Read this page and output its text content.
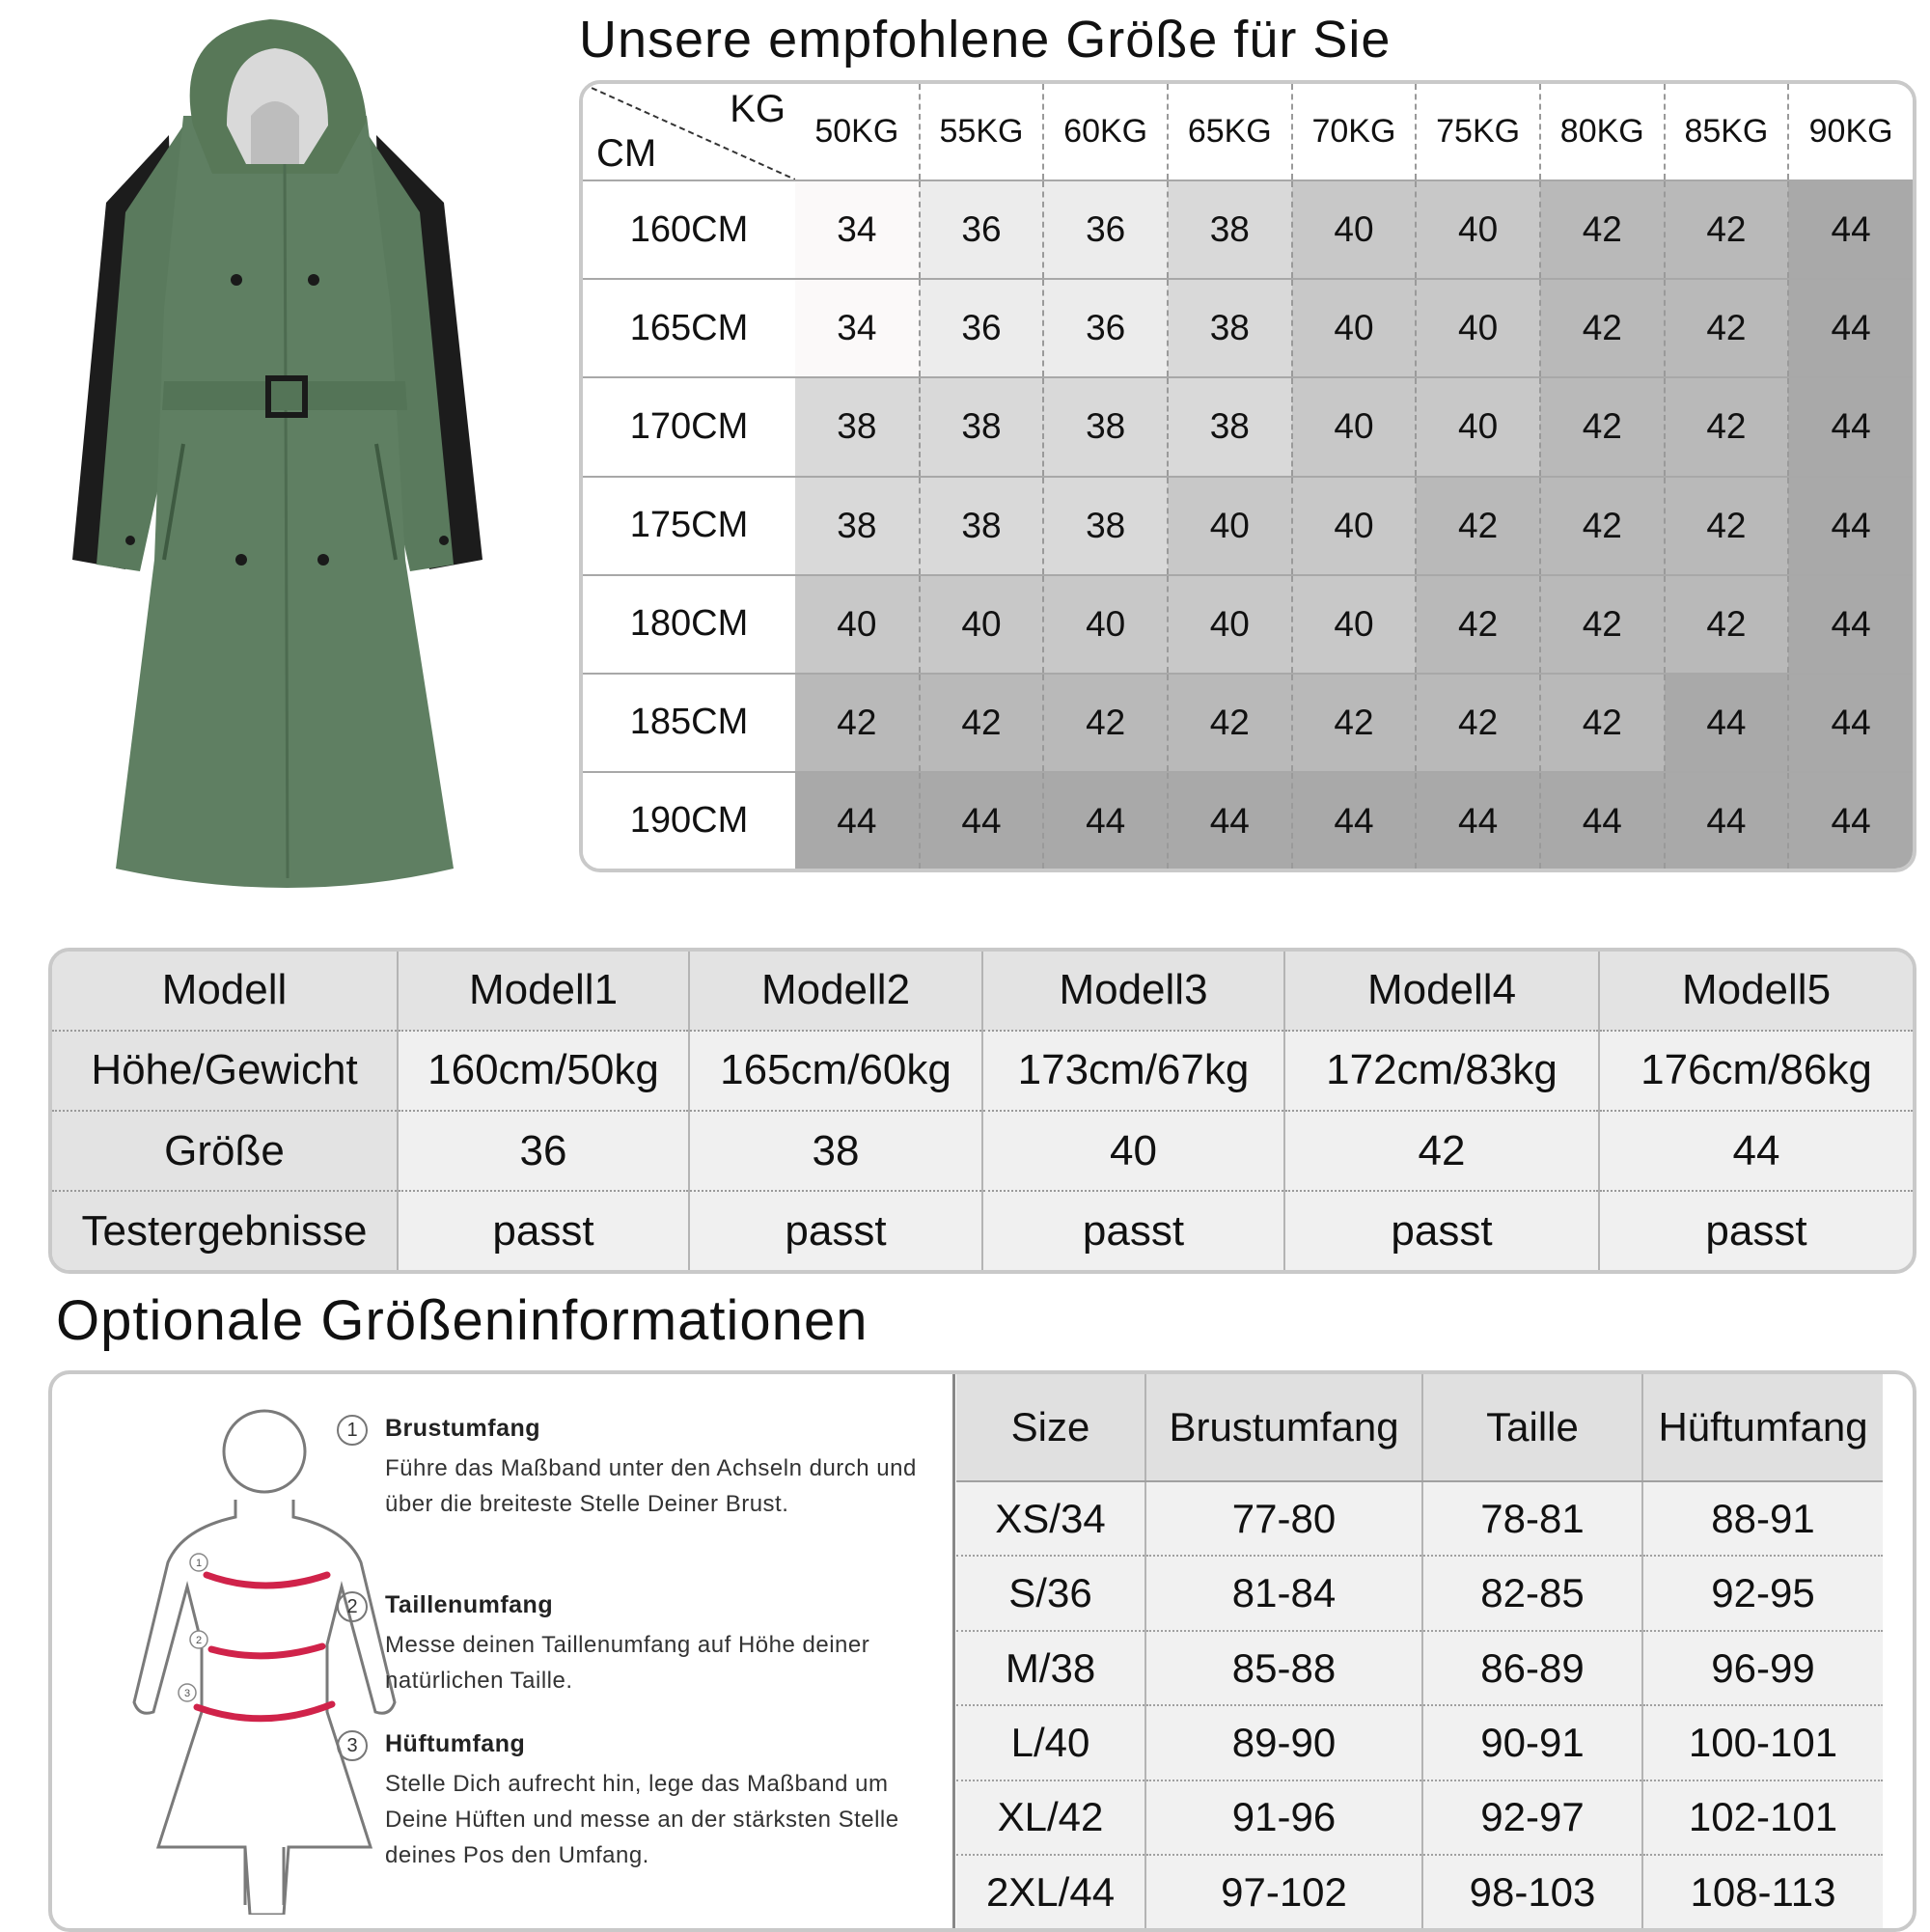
Unsere empfohlene Größe für Sie
KG
CM	50KG	55KG	60KG	65KG	70KG	75KG	80KG	85KG	90KG
160CM	34	36	36	38	40	40	42	42	44
165CM	34	36	36	38	40	40	42	42	44
170CM	38	38	38	38	40	40	42	42	44
175CM	38	38	38	40	40	42	42	42	44
180CM	40	40	40	40	40	42	42	42	44
185CM	42	42	42	42	42	42	42	44	44
190CM	44	44	44	44	44	44	44	44	44
Modell	Modell1	Modell2	Modell3	Modell4	Modell5
Höhe/Gewicht	160cm/50kg	165cm/60kg	173cm/67kg	172cm/83kg	176cm/86kg
Größe	36	38	40	42	44
Testergebnisse	passt	passt	passt	passt	passt
Optionale Größeninformationen
1
2
3
1	Brustumfang
Führe das Maßband unter den Achseln durch und über die breiteste Stelle Deiner Brust.
2	Taillenumfang
Messe deinen Taillenumfang auf Höhe deiner natürlichen Taille.
3	Hüftumfang
Stelle Dich aufrecht hin, lege das Maßband um Deine Hüften und messe an der stärksten Stelle deines Pos den Umfang.
Size	Brustumfang	Taille	Hüftumfang
XS/34	77-80	78-81	88-91
S/36	81-84	82-85	92-95
M/38	85-88	86-89	96-99
L/40	89-90	90-91	100-101
XL/42	91-96	92-97	102-101
2XL/44	97-102	98-103	108-113
